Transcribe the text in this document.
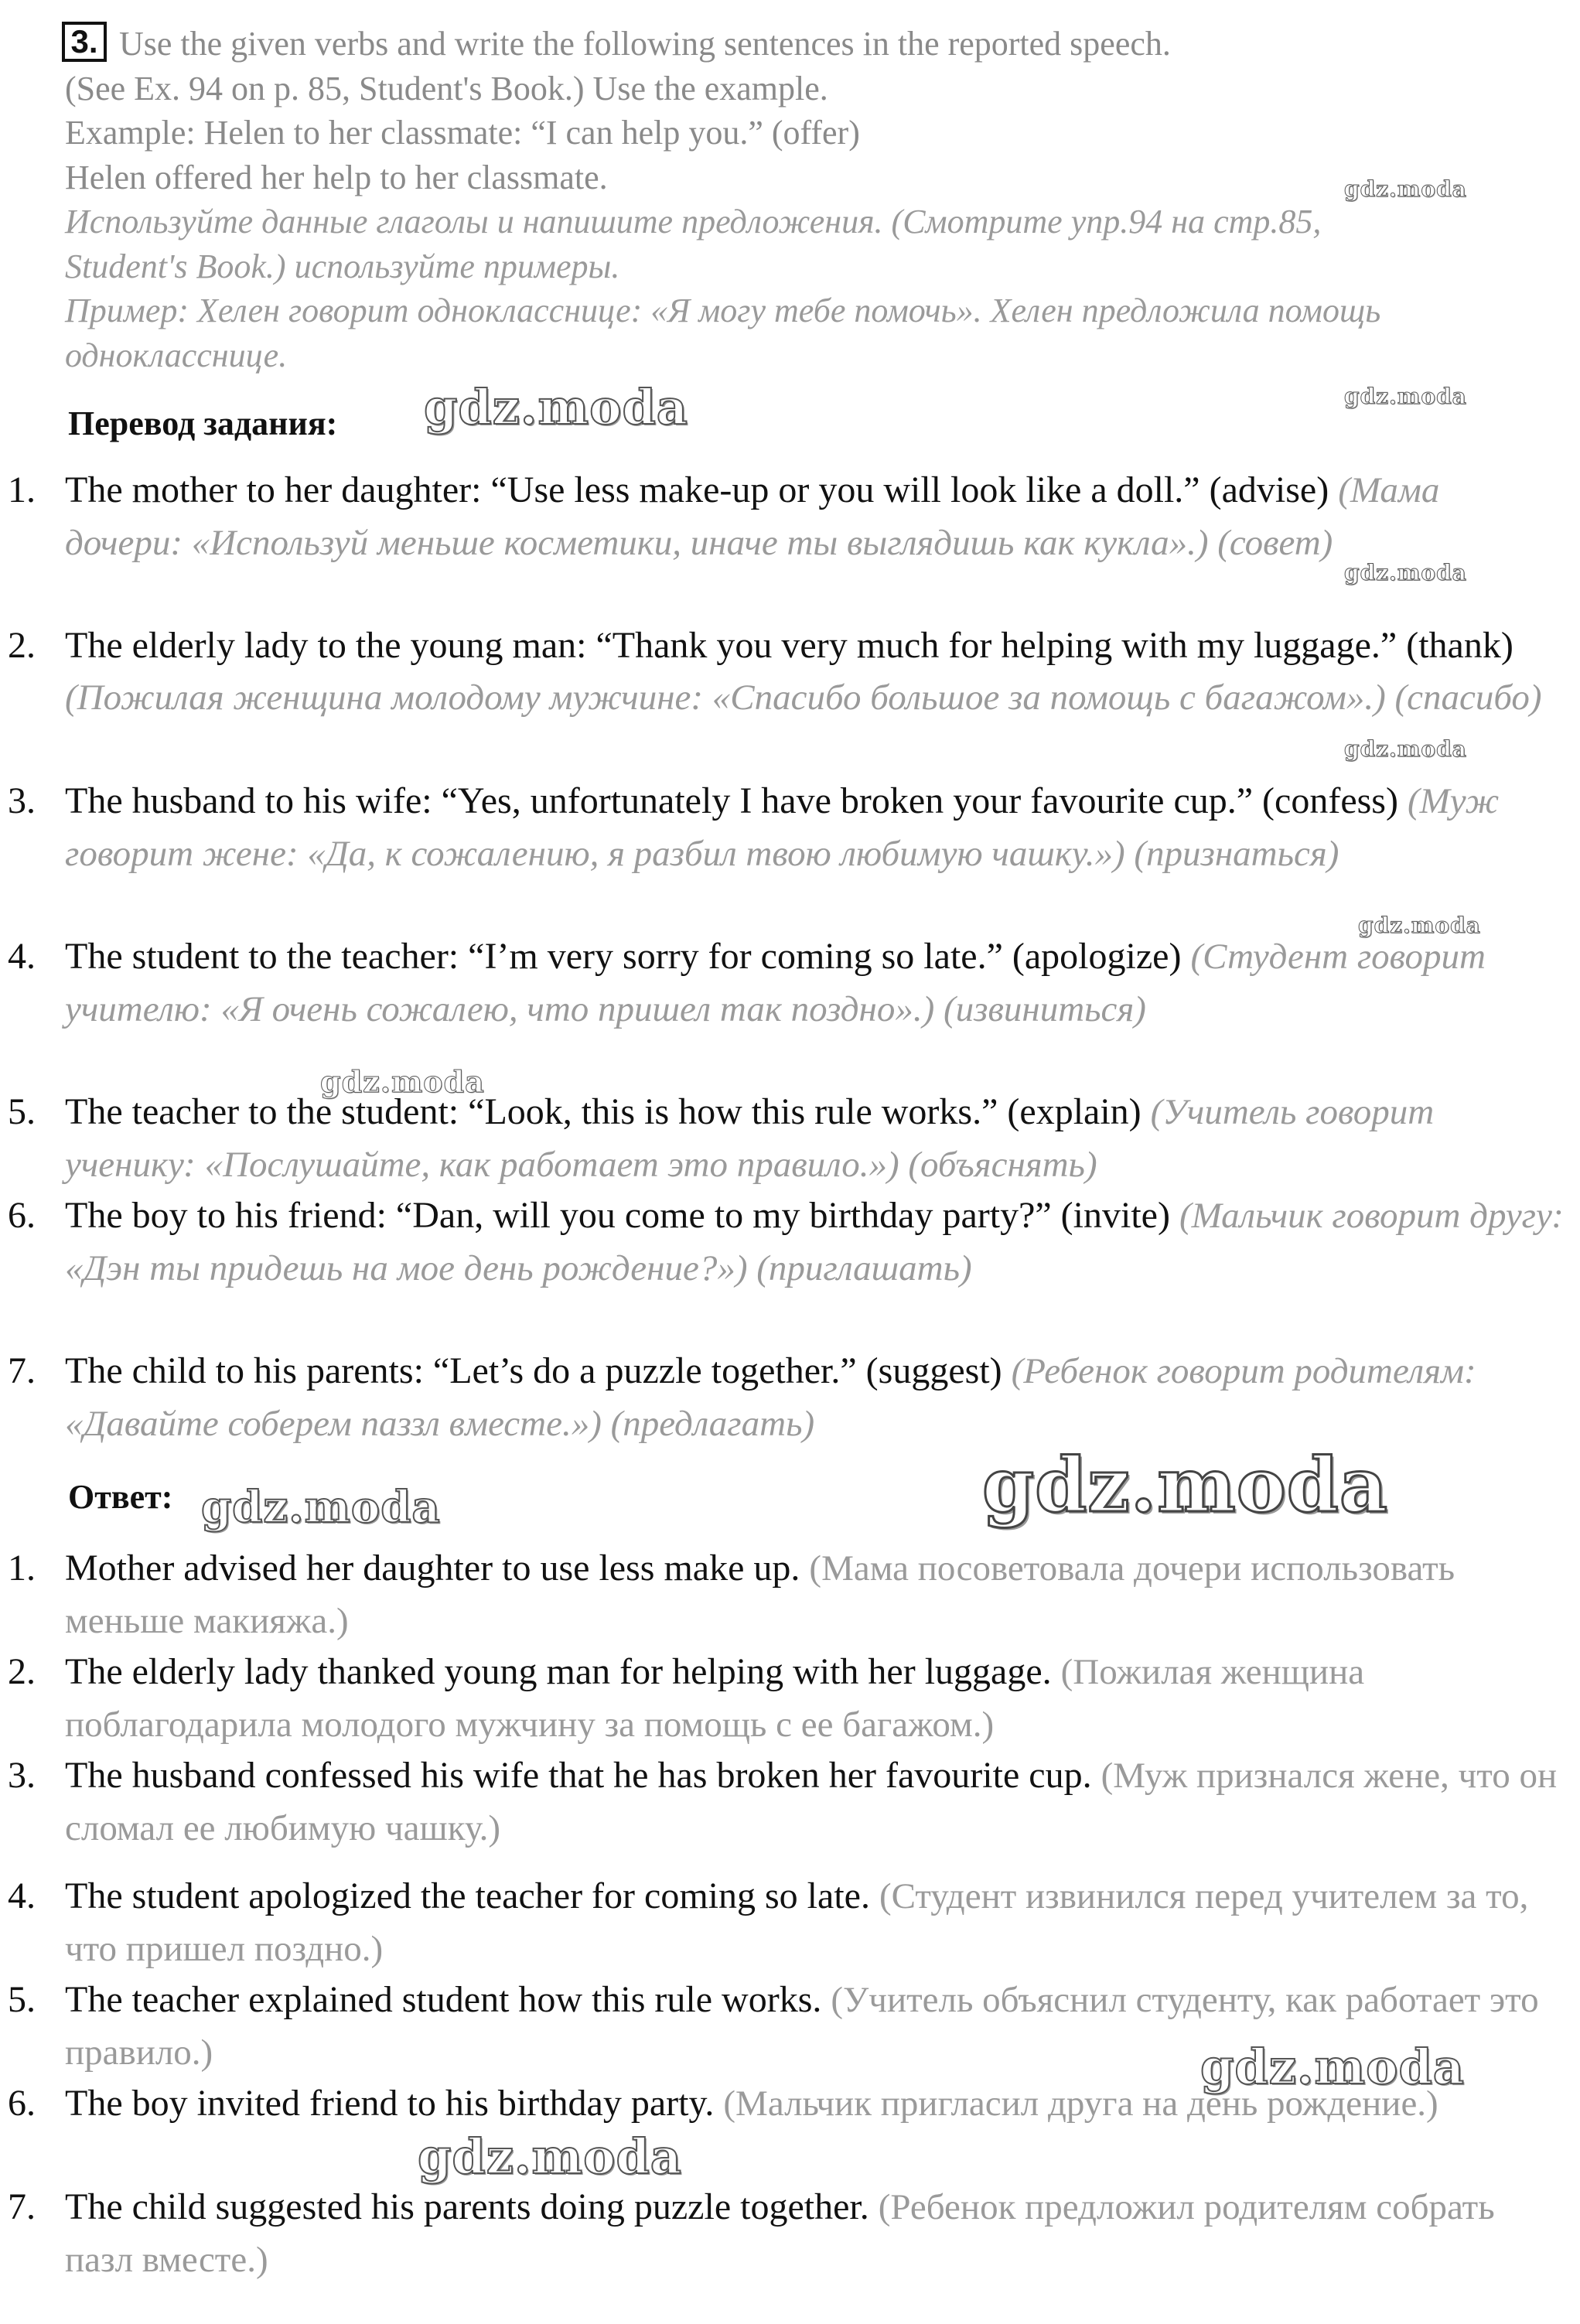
3. Use the given verbs and write the following sentences in the reported speech.
(See Ex. 94 on p. 85, Student's Book.) Use the example.
Example: Helen to her classmate: “I can help you.” (offer)
Helen offered her help to her classmate.
Используйте данные глаголы и напишите предложения. (Смотрите упр.94 на стр.85,
Student's Book.) используйте примеры.
Пример: Хелен говорит однокласснице: «Я могу тебе помочь». Хелен предложила помощь
однокласснице.
Перевод задания:
1. The mother to her daughter: “Use less make-up or you will look like a doll.” (advise) (Мама дочери: «Используй меньше косметики, иначе ты выглядишь как кукла».) (совет)
2. The elderly lady to the young man: “Thank you very much for helping with my luggage.” (thank) (Пожилая женщина молодому мужчине: «Спасибо большое за помощь с багажом».) (спасибо)
3. The husband to his wife: “Yes, unfortunately I have broken your favourite cup.” (confess) (Муж говорит жене: «Да, к сожалению, я разбил твою любимую чашку.») (признаться)
4. The student to the teacher: “I’m very sorry for coming so late.” (apologize) (Студент говорит учителю: «Я очень сожалею, что пришел так поздно».) (извиниться)
5. The teacher to the student: “Look, this is how this rule works.” (explain) (Учитель говорит ученику: «Послушайте, как работает это правило.») (объяснять)
6. The boy to his friend: “Dan, will you come to my birthday party?” (invite) (Мальчик говорит другу: «Дэн ты придешь на мое день рождение?») (приглашать)
7. The child to his parents: “Let’s do a puzzle together.” (suggest) (Ребенок говорит родителям: «Давайте соберем паззл вместе.») (предлагать)
Ответ:
1. Mother advised her daughter to use less make up. (Мама посоветовала дочери использовать меньше макияжа.)
2. The elderly lady thanked young man for helping with her luggage. (Пожилая женщина поблагодарила молодого мужчину за помощь с ее багажом.)
3. The husband confessed his wife that he has broken her favourite cup. (Муж признался жене, что он сломал ее любимую чашку.)
4. The student apologized the teacher for coming so late. (Студент извинился перед учителем за то, что пришел поздно.)
5. The teacher explained student how this rule works. (Учитель объяснил студенту, как работает это правило.)
6. The boy invited friend to his birthday party. (Мальчик пригласил друга на день рождение.)
7. The child suggested his parents doing puzzle together. (Ребенок предложил родителям собрать пазл вместе.)
gdz.moda
gdz.moda
gdz.moda
gdz.moda
gdz.moda
gdz.moda
gdz.moda
gdz.moda	gdz.moda
gdz.moda
gdz.moda
